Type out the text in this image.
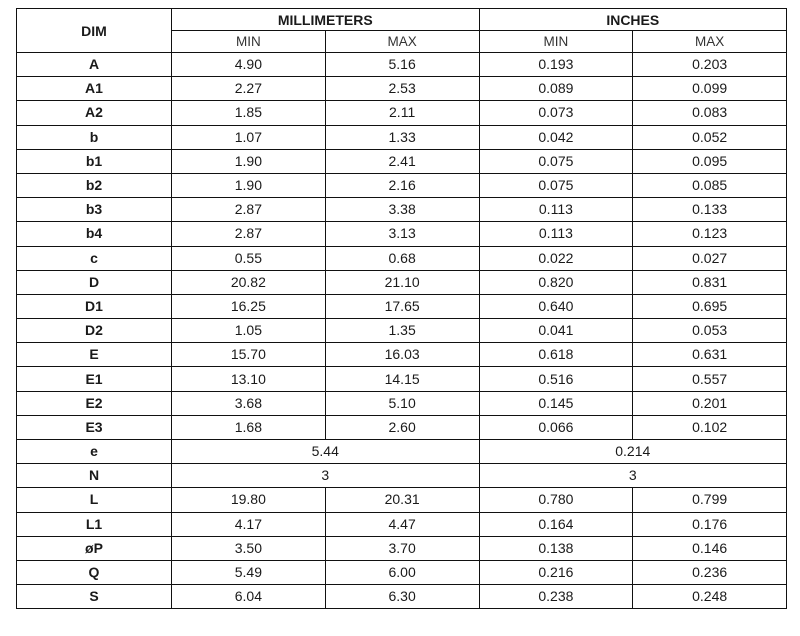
DIM	MILLIMETERS		INCHES	
	MIN	MAX	MIN	MAX
A	4.90	5.16	0.193	0.203
A1	2.27	2.53	0.089	0.099
A2	1.85	2.11	0.073	0.083
b	1.07	1.33	0.042	0.052
b1	1.90	2.41	0.075	0.095
b2	1.90	2.16	0.075	0.085
b3	2.87	3.38	0.113	0.133
b4	2.87	3.13	0.113	0.123
c	0.55	0.68	0.022	0.027
D	20.82	21.10	0.820	0.831
D1	16.25	17.65	0.640	0.695
D2	1.05	1.35	0.041	0.053
E	15.70	16.03	0.618	0.631
E1	13.10	14.15	0.516	0.557
E2	3.68	5.10	0.145	0.201
E3	1.68	2.60	0.066	0.102
e	5.44		0.214	
N	3		3	
L	19.80	20.31	0.780	0.799
L1	4.17	4.47	0.164	0.176
øP	3.50	3.70	0.138	0.146
Q	5.49	6.00	0.216	0.236
S	6.04	6.30	0.238	0.248
